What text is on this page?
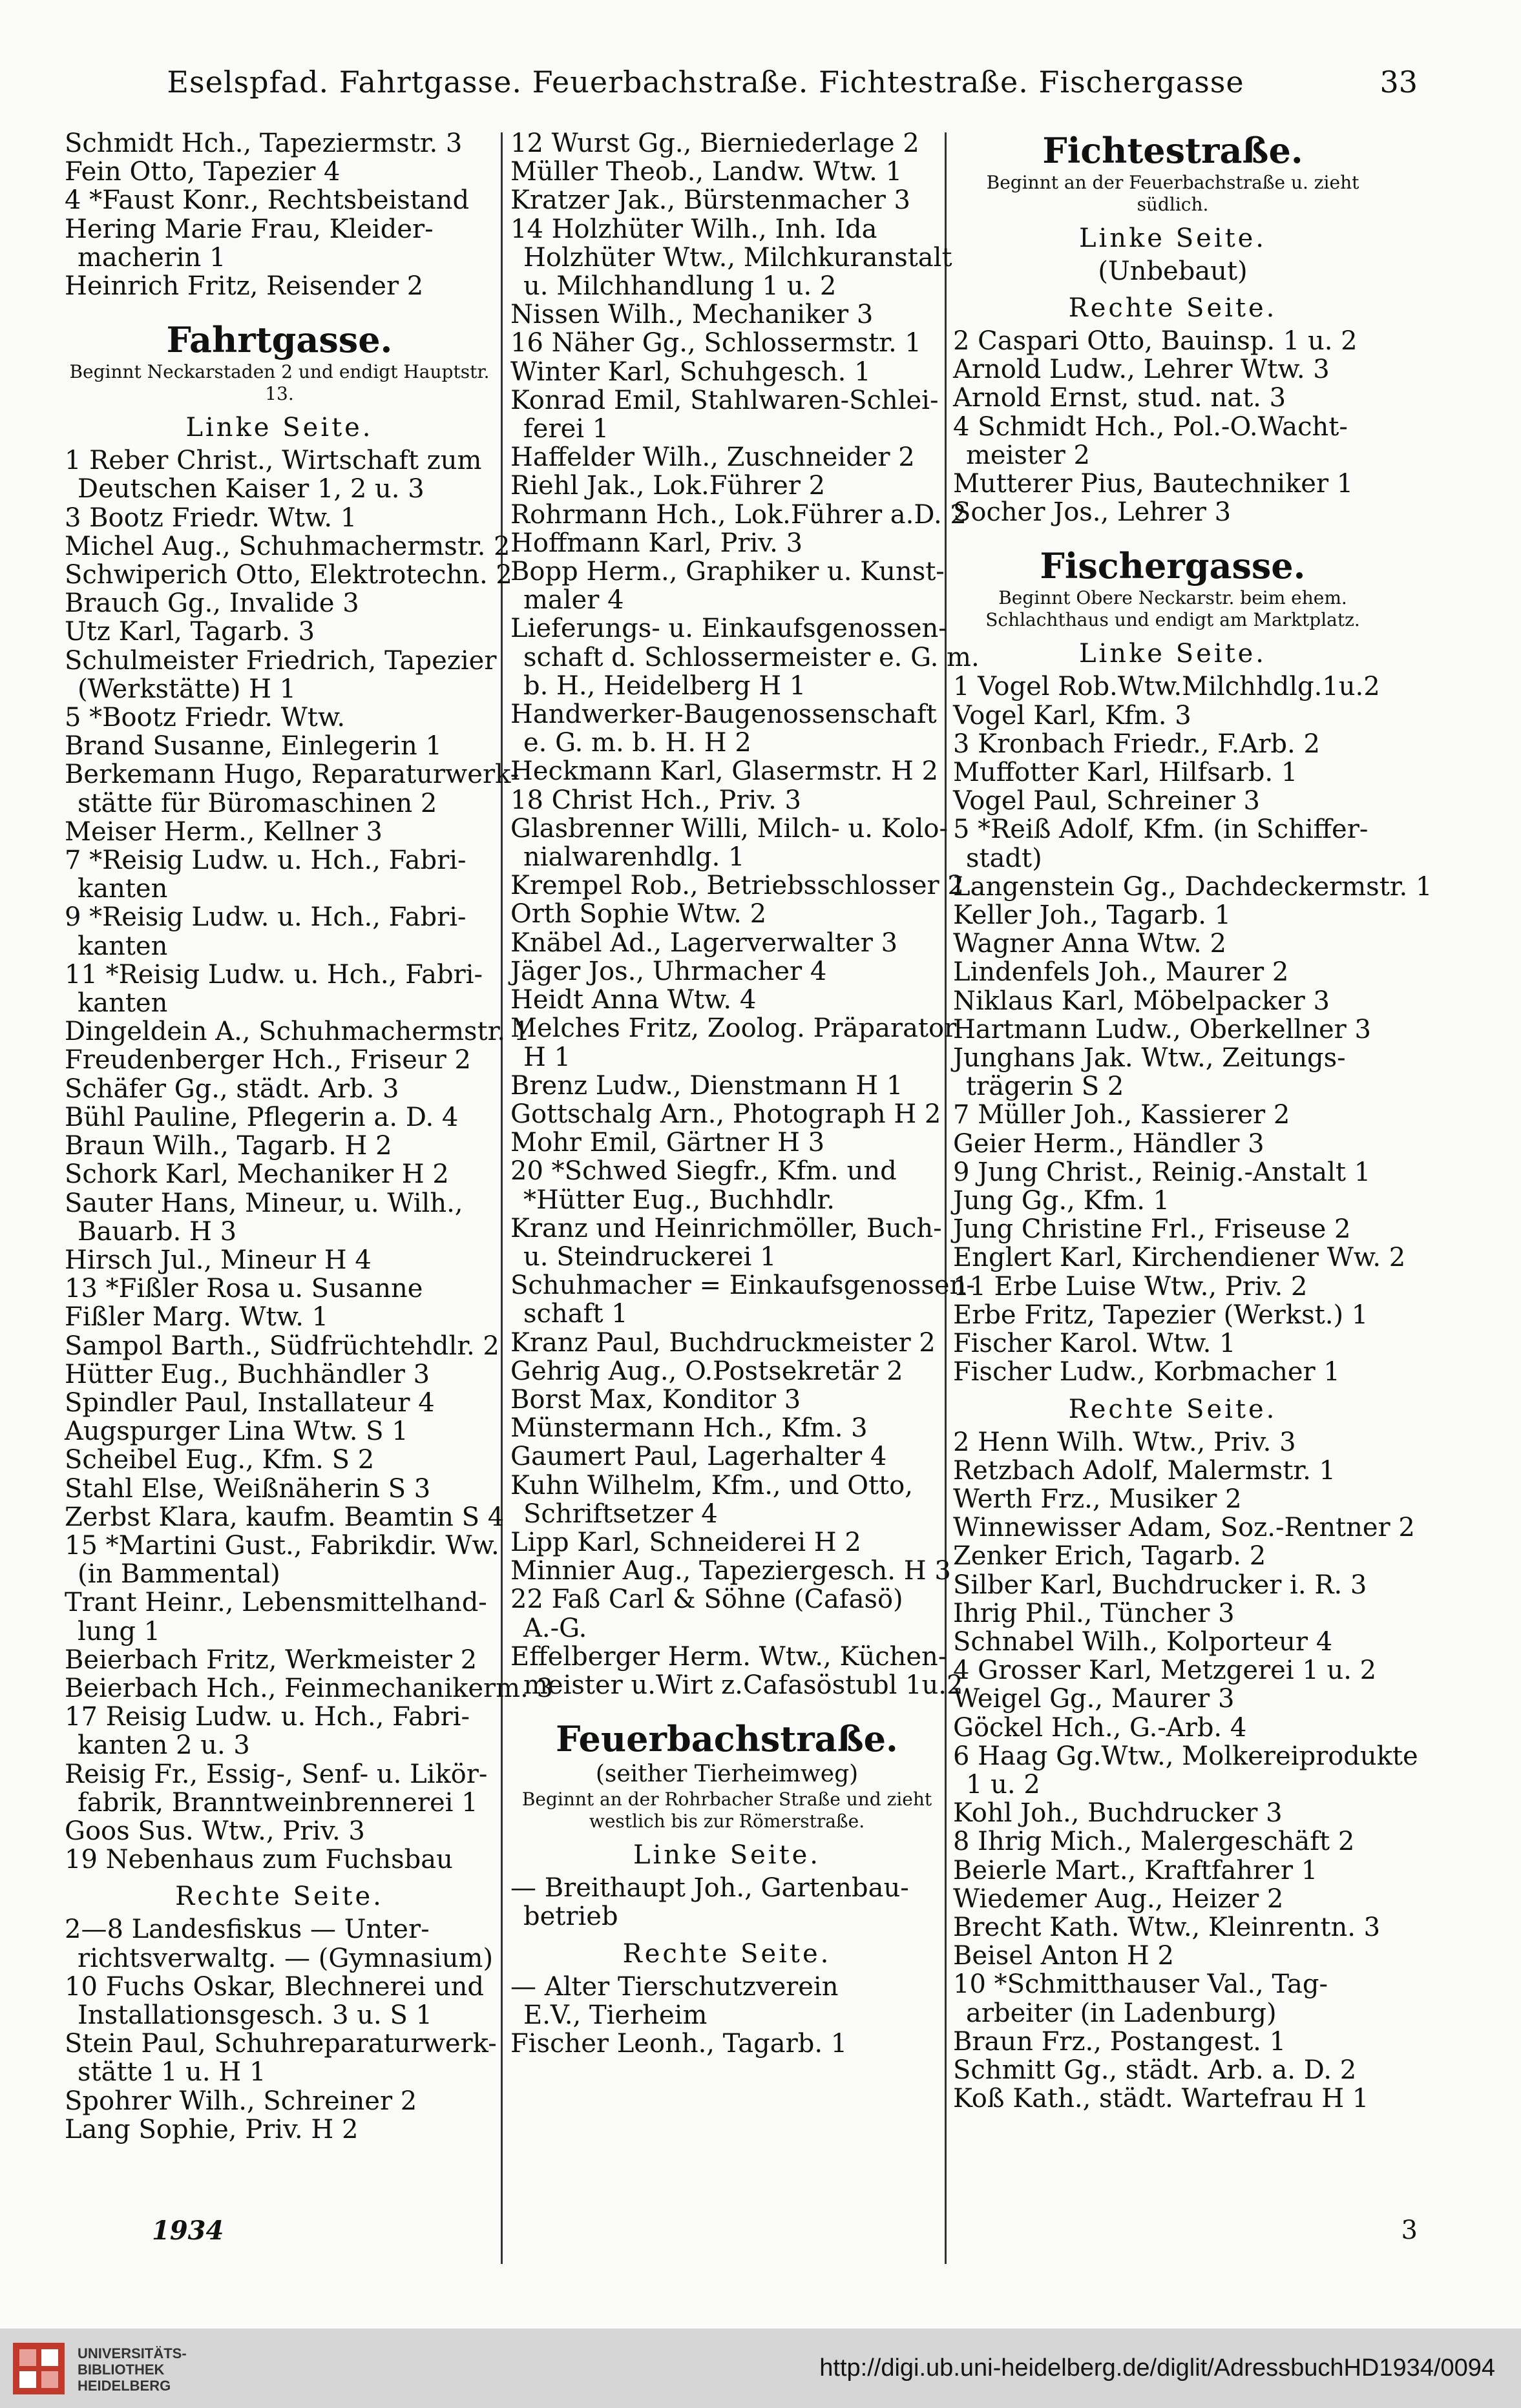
Eselspfad. Fahrtgasse. Feuerbachstraße. Fichtestraße. Fischergasse	33
Schmidt Hch., Tapeziermstr. 3
Fein Otto, Tapezier 4
4 *Faust Konr., Rechtsbeistand
Hering Marie Frau, Kleider-
macherin 1
Heinrich Fritz, Reisender 2
Fahrtgasse.
Beginnt Neckarstaden 2 und endigt Hauptstr. 13.
Linke Seite.
1 Reber Christ., Wirtschaft zum
Deutschen Kaiser 1, 2 u. 3
3 Bootz Friedr. Wtw. 1
Michel Aug., Schuhmachermstr. 2
Schwiperich Otto, Elektrotechn. 2
Brauch Gg., Invalide 3
Utz Karl, Tagarb. 3
Schulmeister Friedrich, Tapezier
(Werkstätte) H 1
5 *Bootz Friedr. Wtw.
Brand Susanne, Einlegerin 1
Berkemann Hugo, Reparaturwerk-
stätte für Büromaschinen 2
Meiser Herm., Kellner 3
7 *Reisig Ludw. u. Hch., Fabri-
kanten
9 *Reisig Ludw. u. Hch., Fabri-
kanten
11 *Reisig Ludw. u. Hch., Fabri-
kanten
Dingeldein A., Schuhmachermstr. 1
Freudenberger Hch., Friseur 2
Schäfer Gg., städt. Arb. 3
Bühl Pauline, Pflegerin a. D. 4
Braun Wilh., Tagarb. H 2
Schork Karl, Mechaniker H 2
Sauter Hans, Mineur, u. Wilh.,
Bauarb. H 3
Hirsch Jul., Mineur H 4
13 *Fißler Rosa u. Susanne
Fißler Marg. Wtw. 1
Sampol Barth., Südfrüchtehdlr. 2
Hütter Eug., Buchhändler 3
Spindler Paul, Installateur 4
Augspurger Lina Wtw. S 1
Scheibel Eug., Kfm. S 2
Stahl Else, Weißnäherin S 3
Zerbst Klara, kaufm. Beamtin S 4
15 *Martini Gust., Fabrikdir. Ww.
(in Bammental)
Trant Heinr., Lebensmittelhand-
lung 1
Beierbach Fritz, Werkmeister 2
Beierbach Hch., Feinmechanikerm. 3
17 Reisig Ludw. u. Hch., Fabri-
kanten 2 u. 3
Reisig Fr., Essig-, Senf- u. Likör-
fabrik, Branntweinbrennerei 1
Goos Sus. Wtw., Priv. 3
19 Nebenhaus zum Fuchsbau
Rechte Seite.
2—8 Landesfiskus — Unter-
richtsverwaltg. — (Gymnasium)
10 Fuchs Oskar, Blechnerei und
Installationsgesch. 3 u. S 1
Stein Paul, Schuhreparaturwerk-
stätte 1 u. H 1
Spohrer Wilh., Schreiner 2
Lang Sophie, Priv. H 2
12 Wurst Gg., Bierniederlage 2
Müller Theob., Landw. Wtw. 1
Kratzer Jak., Bürstenmacher 3
14 Holzhüter Wilh., Inh. Ida
Holzhüter Wtw., Milchkuranstalt
u. Milchhandlung 1 u. 2
Nissen Wilh., Mechaniker 3
16 Näher Gg., Schlossermstr. 1
Winter Karl, Schuhgesch. 1
Konrad Emil, Stahlwaren-Schlei-
ferei 1
Haffelder Wilh., Zuschneider 2
Riehl Jak., Lok.Führer 2
Rohrmann Hch., Lok.Führer a.D. 2
Hoffmann Karl, Priv. 3
Bopp Herm., Graphiker u. Kunst-
maler 4
Lieferungs- u. Einkaufsgenossen-
schaft d. Schlossermeister e. G. m.
b. H., Heidelberg H 1
Handwerker-Baugenossenschaft
e. G. m. b. H. H 2
Heckmann Karl, Glasermstr. H 2
18 Christ Hch., Priv. 3
Glasbrenner Willi, Milch- u. Kolo-
nialwarenhdlg. 1
Krempel Rob., Betriebsschlosser 2
Orth Sophie Wtw. 2
Knäbel Ad., Lagerverwalter 3
Jäger Jos., Uhrmacher 4
Heidt Anna Wtw. 4
Melches Fritz, Zoolog. Präparator
H 1
Brenz Ludw., Dienstmann H 1
Gottschalg Arn., Photograph H 2
Mohr Emil, Gärtner H 3
20 *Schwed Siegfr., Kfm. und
*Hütter Eug., Buchhdlr.
Kranz und Heinrichmöller, Buch-
u. Steindruckerei 1
Schuhmacher = Einkaufsgenossen-
schaft 1
Kranz Paul, Buchdruckmeister 2
Gehrig Aug., O.Postsekretär 2
Borst Max, Konditor 3
Münstermann Hch., Kfm. 3
Gaumert Paul, Lagerhalter 4
Kuhn Wilhelm, Kfm., und Otto,
Schriftsetzer 4
Lipp Karl, Schneiderei H 2
Minnier Aug., Tapeziergesch. H 3
22 Faß Carl & Söhne (Cafasö)
A.-G.
Effelberger Herm. Wtw., Küchen-
meister u.Wirt z.Cafasöstubl 1u.2
Feuerbachstraße.
(seither Tierheimweg)
Beginnt an der Rohrbacher Straße und zieht westlich bis zur Römerstraße.
Linke Seite.
— Breithaupt Joh., Gartenbau-
betrieb
Rechte Seite.
— Alter Tierschutzverein
E.V., Tierheim
Fischer Leonh., Tagarb. 1
Fichtestraße.
Beginnt an der Feuerbachstraße u. zieht südlich.
Linke Seite.
(Unbebaut)
Rechte Seite.
2 Caspari Otto, Bauinsp. 1 u. 2
Arnold Ludw., Lehrer Wtw. 3
Arnold Ernst, stud. nat. 3
4 Schmidt Hch., Pol.-O.Wacht-
meister 2
Mutterer Pius, Bautechniker 1
Socher Jos., Lehrer 3
Fischergasse.
Beginnt Obere Neckarstr. beim ehem. Schlachthaus und endigt am Marktplatz.
Linke Seite.
1 Vogel Rob.Wtw.Milchhdlg.1u.2
Vogel Karl, Kfm. 3
3 Kronbach Friedr., F.Arb. 2
Muffotter Karl, Hilfsarb. 1
Vogel Paul, Schreiner 3
5 *Reiß Adolf, Kfm. (in Schiffer-
stadt)
Langenstein Gg., Dachdeckermstr. 1
Keller Joh., Tagarb. 1
Wagner Anna Wtw. 2
Lindenfels Joh., Maurer 2
Niklaus Karl, Möbelpacker 3
Hartmann Ludw., Oberkellner 3
Junghans Jak. Wtw., Zeitungs-
trägerin S 2
7 Müller Joh., Kassierer 2
Geier Herm., Händler 3
9 Jung Christ., Reinig.-Anstalt 1
Jung Gg., Kfm. 1
Jung Christine Frl., Friseuse 2
Englert Karl, Kirchendiener Ww. 2
11 Erbe Luise Wtw., Priv. 2
Erbe Fritz, Tapezier (Werkst.) 1
Fischer Karol. Wtw. 1
Fischer Ludw., Korbmacher 1
Rechte Seite.
2 Henn Wilh. Wtw., Priv. 3
Retzbach Adolf, Malermstr. 1
Werth Frz., Musiker 2
Winnewisser Adam, Soz.-Rentner 2
Zenker Erich, Tagarb. 2
Silber Karl, Buchdrucker i. R. 3
Ihrig Phil., Tüncher 3
Schnabel Wilh., Kolporteur 4
4 Grosser Karl, Metzgerei 1 u. 2
Weigel Gg., Maurer 3
Göckel Hch., G.-Arb. 4
6 Haag Gg.Wtw., Molkereiprodukte
1 u. 2
Kohl Joh., Buchdrucker 3
8 Ihrig Mich., Malergeschäft 2
Beierle Mart., Kraftfahrer 1
Wiedemer Aug., Heizer 2
Brecht Kath. Wtw., Kleinrentn. 3
Beisel Anton H 2
10 *Schmitthauser Val., Tag-
arbeiter (in Ladenburg)
Braun Frz., Postangest. 1
Schmitt Gg., städt. Arb. a. D. 2
Koß Kath., städt. Wartefrau H 1
1934	3
UNIVERSITÄTS-
BIBLIOTHEK
HEIDELBERG
http://digi.ub.uni-heidelberg.de/diglit/AdressbuchHD1934/0094
